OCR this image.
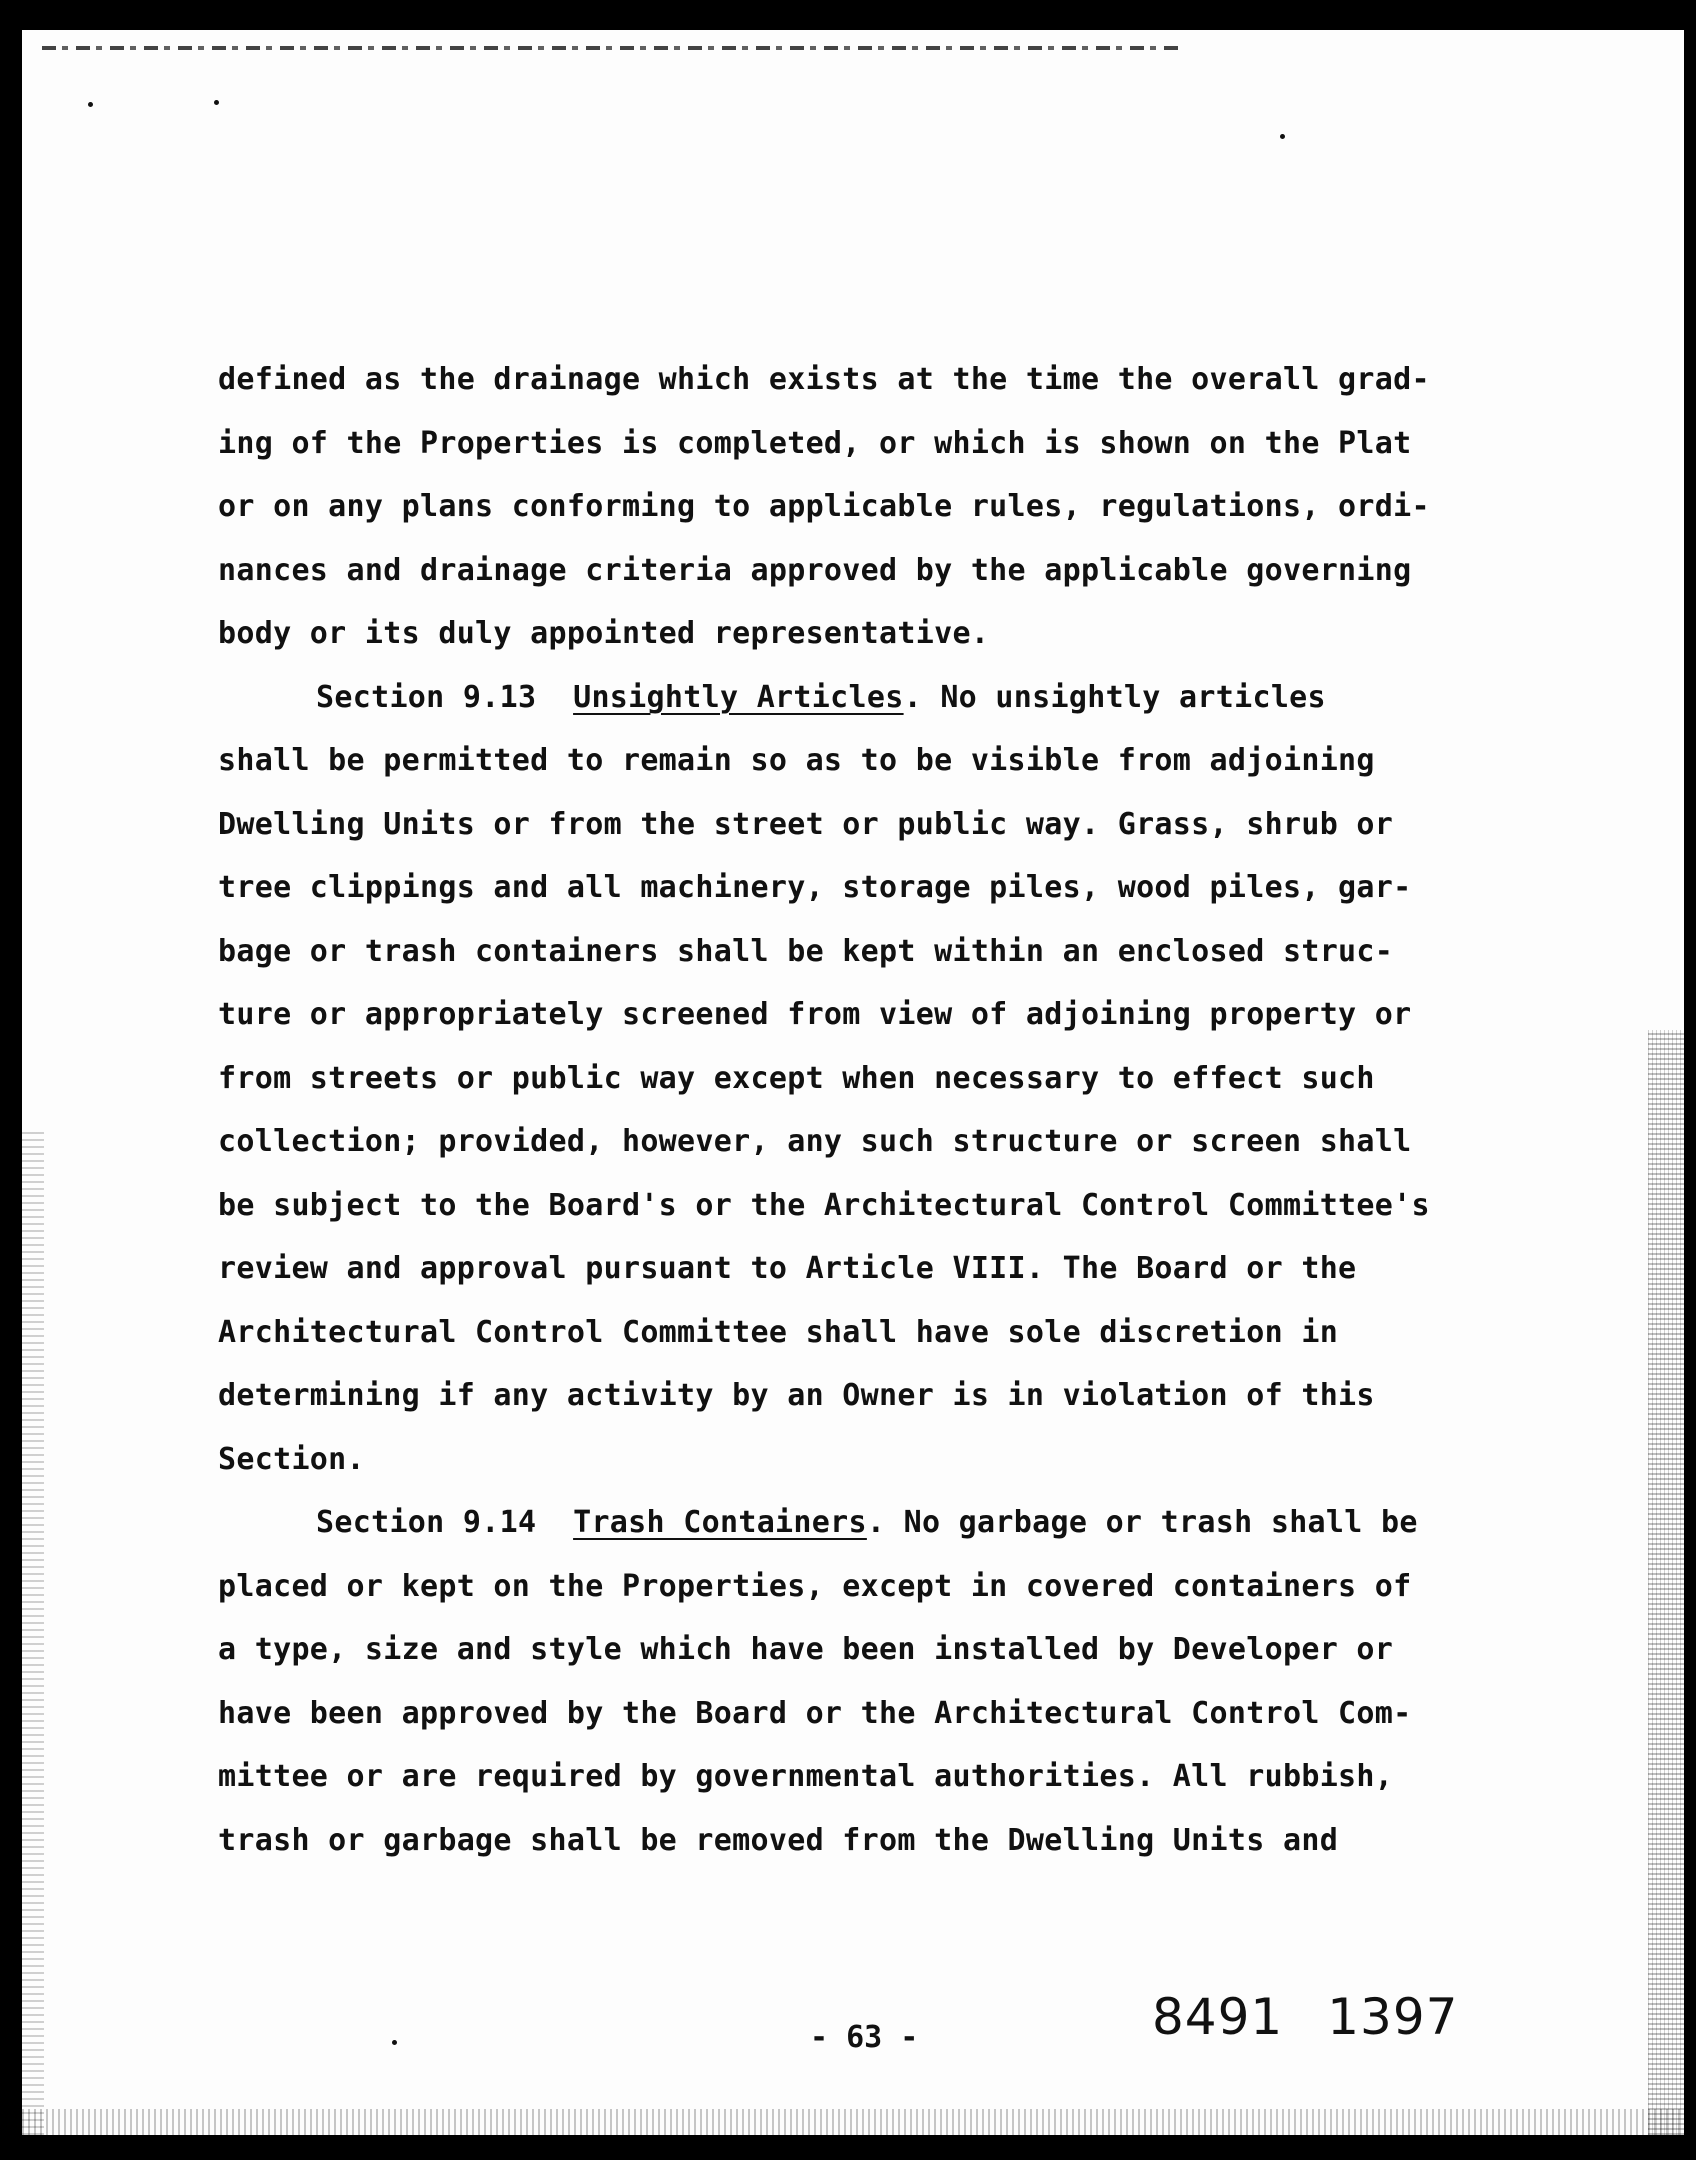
defined as the drainage which exists at the time the overall grad-
ing of the Properties is completed, or which is shown on the Plat
or on any plans conforming to applicable rules, regulations, ordi-
nances and drainage criteria approved by the applicable governing
body or its duly appointed representative.
Section 9.13 Unsightly Articles. No unsightly articles
shall be permitted to remain so as to be visible from adjoining
Dwelling Units or from the street or public way. Grass, shrub or
tree clippings and all machinery, storage piles, wood piles, gar-
bage or trash containers shall be kept within an enclosed struc-
ture or appropriately screened from view of adjoining property or
from streets or public way except when necessary to effect such
collection; provided, however, any such structure or screen shall
be subject to the Board's or the Architectural Control Committee's
review and approval pursuant to Article VIII. The Board or the
Architectural Control Committee shall have sole discretion in
determining if any activity by an Owner is in violation of this
Section.
Section 9.14 Trash Containers. No garbage or trash shall be
placed or kept on the Properties, except in covered containers of
a type, size and style which have been installed by Developer or
have been approved by the Board or the Architectural Control Com-
mittee or are required by governmental authorities. All rubbish,
trash or garbage shall be removed from the Dwelling Units and
- 63 -	8491 1397
